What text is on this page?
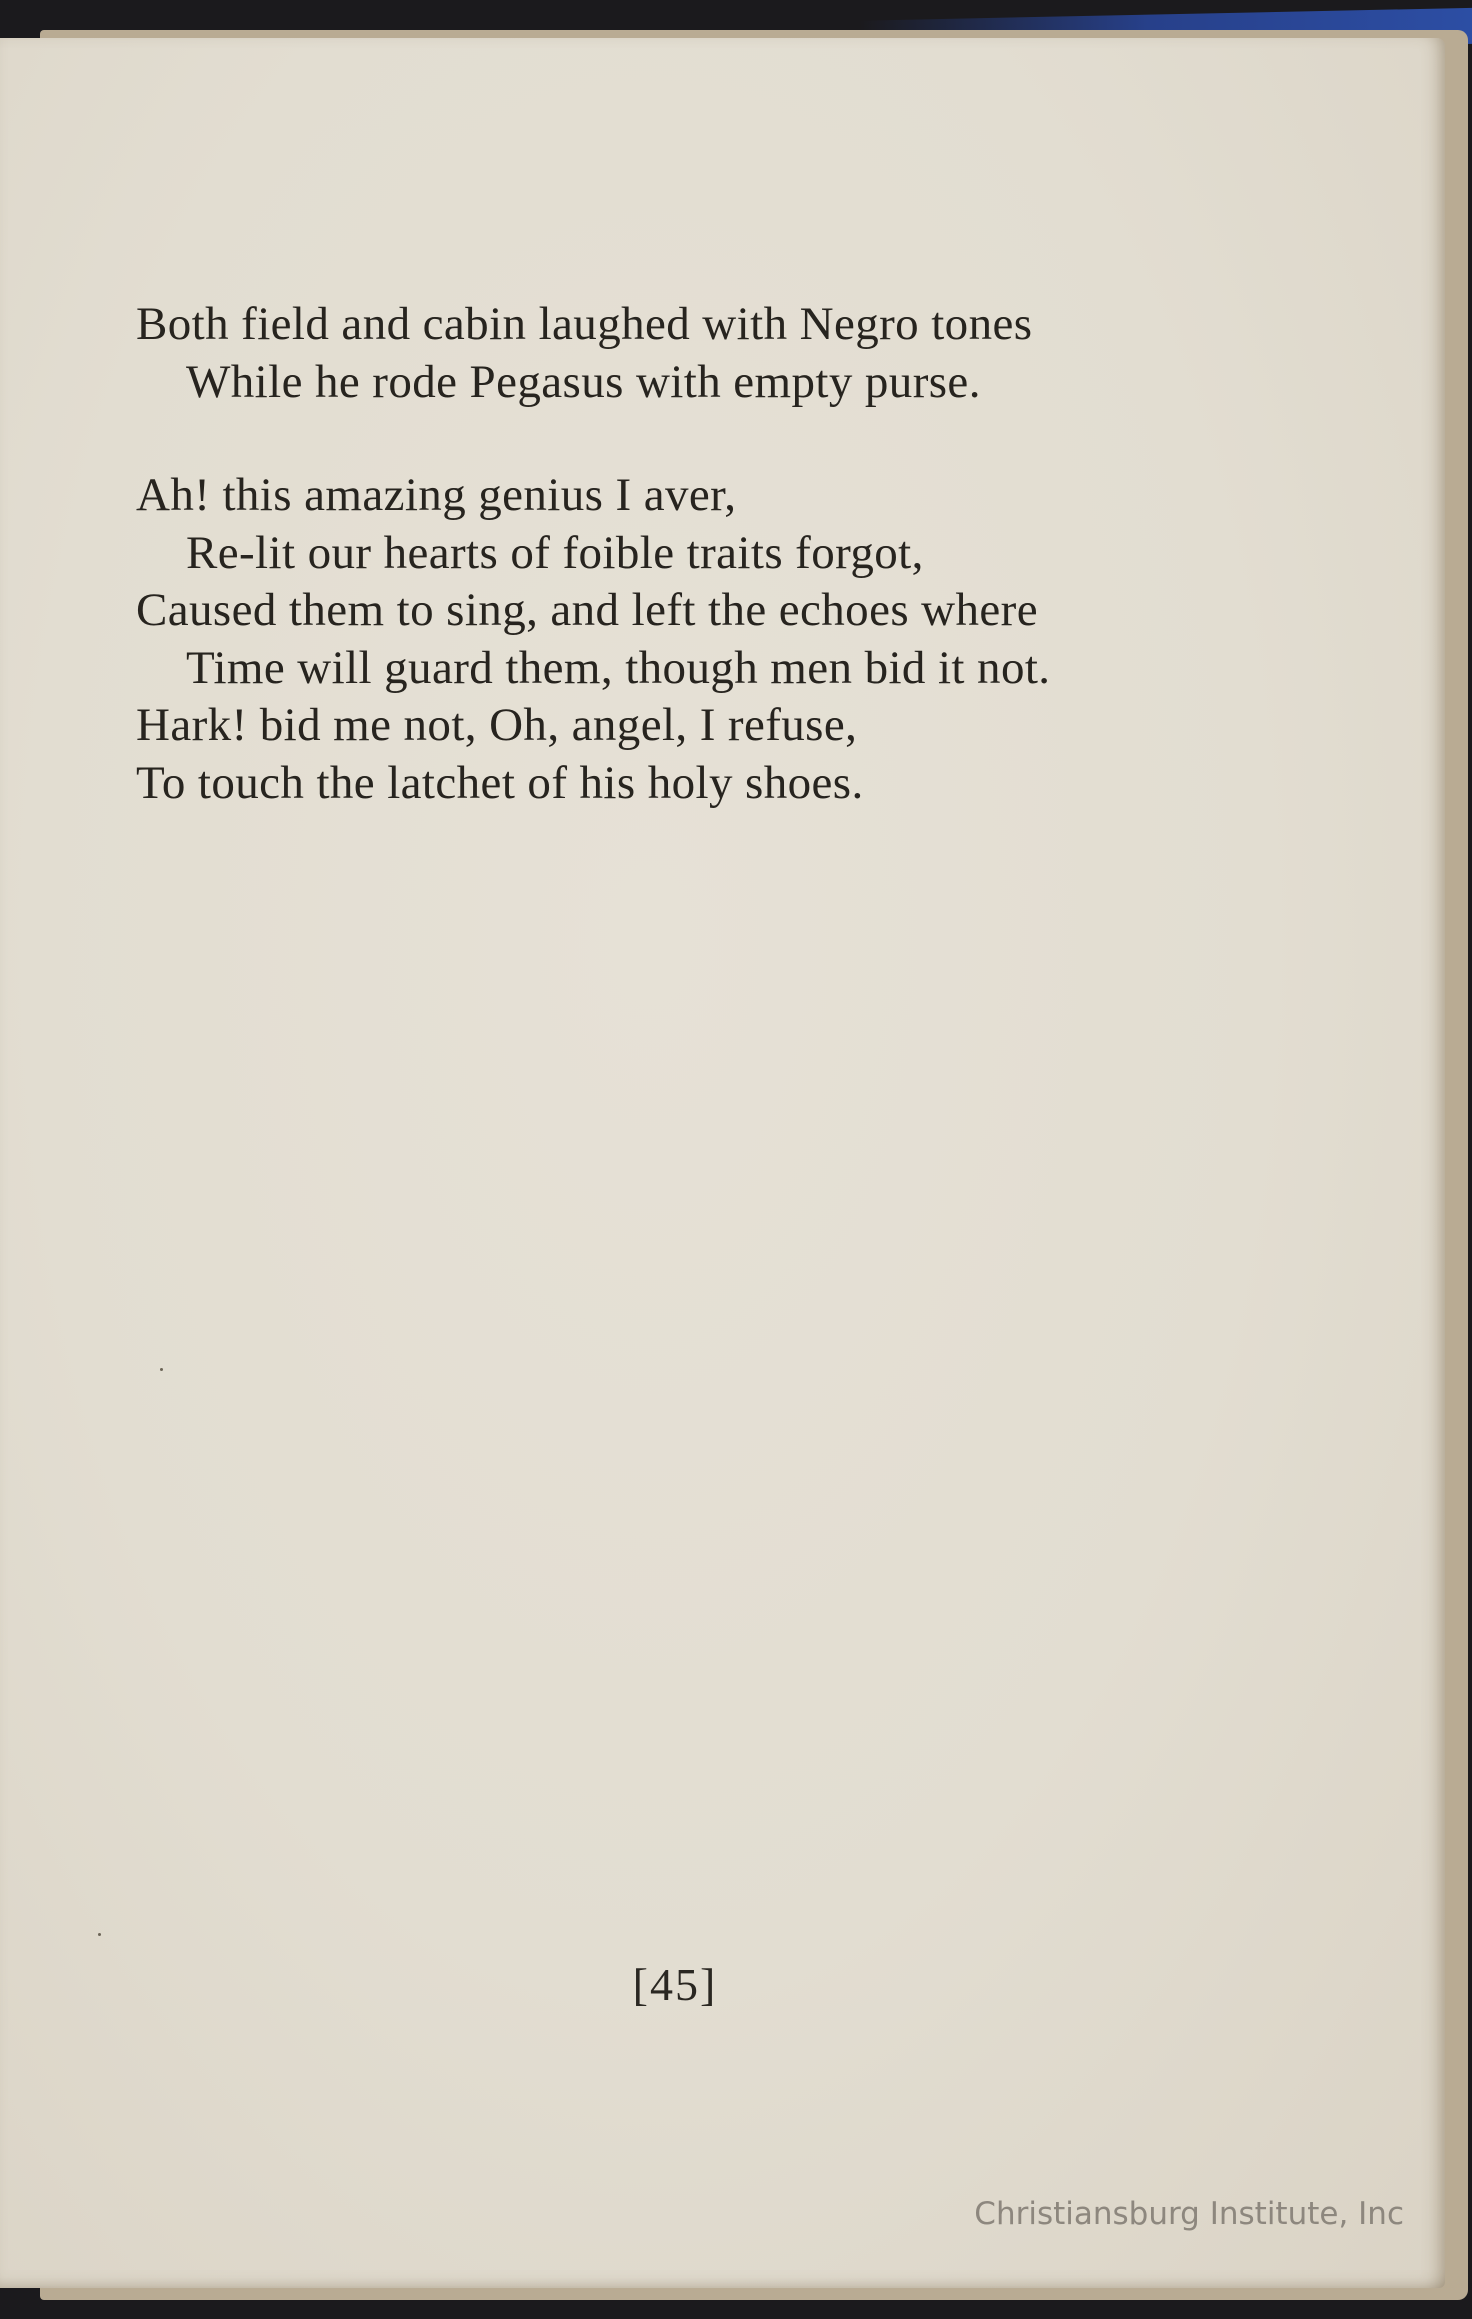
Both field and cabin laughed with Negro tones
While he rode Pegasus with empty purse.
Ah! this amazing genius I aver,
Re-lit our hearts of foible traits forgot,
Caused them to sing, and left the echoes where
Time will guard them, though men bid it not.
Hark! bid me not, Oh, angel, I refuse,
To touch the latchet of his holy shoes.
[45]
Christiansburg Institute, Inc
